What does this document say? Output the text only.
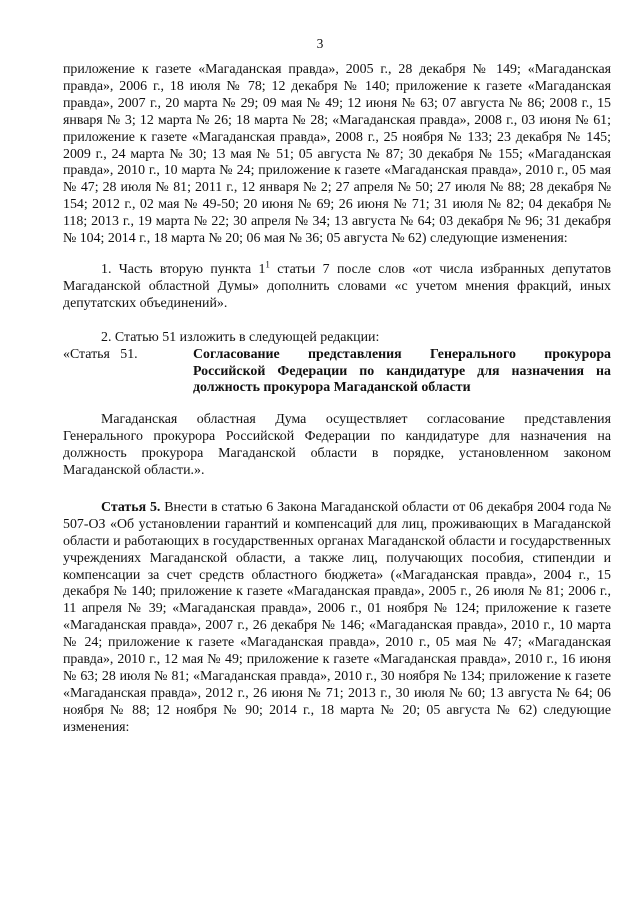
3

приложение к газете «Магаданская правда», 2005 г., 28 декабря № 149; «Магаданская правда», 2006 г., 18 июля № 78; 12 декабря № 140; приложение к газете «Магаданская правда», 2007 г., 20 марта № 29; 09 мая № 49; 12 июня № 63; 07 августа № 86; 2008 г., 15 января № 3; 12 марта № 26; 18 марта № 28; «Магаданская правда», 2008 г., 03 июня № 61; приложение к газете «Магаданская правда», 2008 г., 25 ноября № 133; 23 декабря № 145; 2009 г., 24 марта № 30; 13 мая № 51; 05 августа № 87; 30 декабря № 155; «Магаданская правда», 2010 г., 10 марта № 24; приложение к газете «Магаданская правда», 2010 г., 05 мая № 47; 28 июля № 81; 2011 г., 12 января № 2; 27 апреля № 50; 27 июля № 88; 28 декабря № 154; 2012 г., 02 мая № 49-50; 20 июня № 69; 26 июня № 71; 31 июля № 82; 04 декабря № 118; 2013 г., 19 марта № 22; 30 апреля № 34; 13 августа № 64; 03 декабря № 96; 31 декабря № 104; 2014 г., 18 марта № 20; 06 мая № 36; 05 августа № 62) следующие изменения:

1. Часть вторую пункта $1^1$ статьи 7 после слов «от числа избранных депутатов Магаданской областной Думы» дополнить словами «с учетом мнения фракций, иных депутатских объединений».

2. Статью 51 изложить в следующей редакции:

«Статья   51.	Согласование представления Генерального прокурора Российской Федерации по кандидатуре для назначения на должность прокурора Магаданской области

Магаданская областная Дума осуществляет согласование представления Генерального прокурора Российской Федерации по кандидатуре для назначения на должность прокурора Магаданской области в порядке, установленном законом Магаданской области.».

Статья 5. Внести в статью 6 Закона Магаданской области от 06 декабря 2004 года № 507-ОЗ «Об установлении гарантий и компенсаций для лиц, проживающих в Магаданской области и работающих в государственных органах Магаданской области и государственных учреждениях Магаданской области, а также лиц, получающих пособия, стипендии и компенсации за счет средств областного бюджета» («Магаданская правда», 2004 г., 15 декабря № 140; приложение к газете «Магаданская правда», 2005 г., 26 июля № 81; 2006 г., 11 апреля № 39; «Магаданская правда», 2006 г., 01 ноября № 124; приложение к газете «Магаданская правда», 2007 г., 26 декабря № 146; «Магаданская правда», 2010 г., 10 марта № 24; приложение к газете «Магаданская правда», 2010 г., 05 мая № 47; «Магаданская правда», 2010 г., 12 мая № 49; приложение к газете «Магаданская правда», 2010 г., 16 июня № 63; 28 июля № 81; «Магаданская правда», 2010 г., 30 ноября № 134; приложение к газете «Магаданская правда», 2012 г., 26 июня № 71; 2013 г., 30 июля № 60; 13 августа № 64; 06 ноября № 88; 12 ноября № 90; 2014 г., 18 марта № 20; 05 августа № 62) следующие изменения:
